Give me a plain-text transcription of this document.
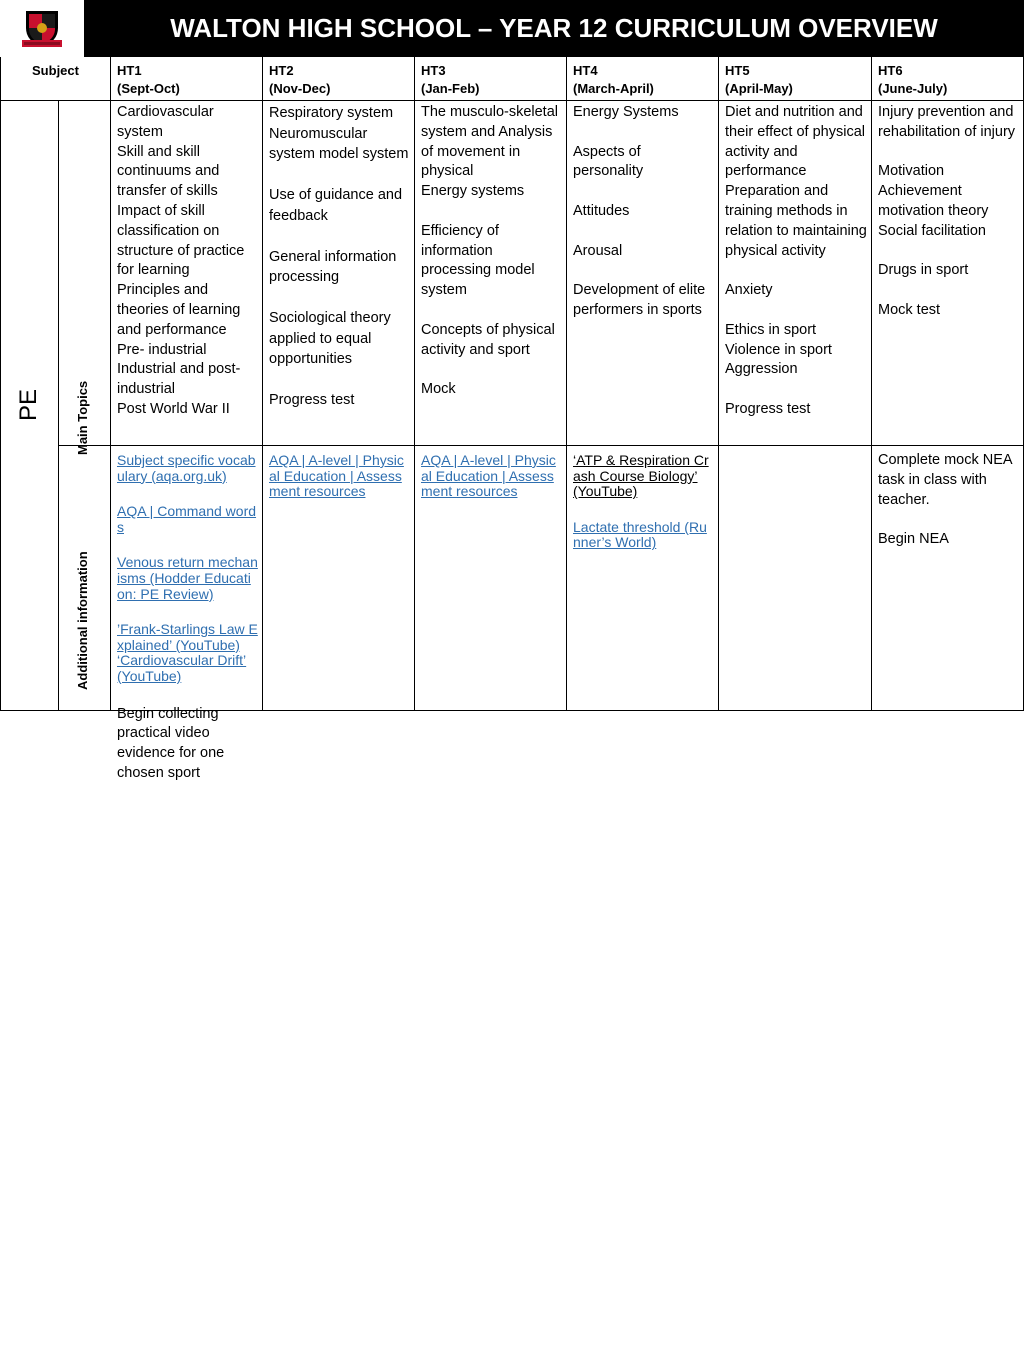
WALTON HIGH SCHOOL – YEAR 12 CURRICULUM OVERVIEW
Subject	HT1
(Sept-Oct)
HT2
(Nov-Dec)
HT3
(Jan-Feb)
HT4
(March-April)
HT5
(April-May)
HT6
(June-July)
PE	Main Topics
Additional information
Cardiovascular system
Skill and skill continuums and transfer of skills
Impact of skill classification on structure of practice for learning
Principles and theories of learning and performance
Pre- industrial
Industrial and post-industrial
Post World War II
Respiratory system
Neuromuscular system model system

Use of guidance and feedback

General information processing

Sociological theory applied to equal opportunities

Progress test
The musculo-skeletal system and Analysis of movement in physical
Energy systems

Efficiency of information processing model system

Concepts of physical activity and sport

Mock
Energy Systems

Aspects of personality

Attitudes

Arousal

Development of elite performers in sports
Diet and nutrition and their effect of physical activity and performance
Preparation and training methods in relation to maintaining physical activity

Anxiety

Ethics in sport
Violence in sport
Aggression

Progress test
Injury prevention and rehabilitation of injury

Motivation
Achievement motivation theory
Social facilitation

Drugs in sport

Mock test
Subject specific vocabulary (aqa.org.uk)
AQA | Command words
Venous return mechanisms (Hodder Education: PE Review)
’Frank-Starlings Law Explained’ (YouTube)
‘Cardiovascular Drift’ (YouTube)
Begin collecting practical video evidence for one chosen sport
AQA | A-level | Physical Education | Assessment resources
AQA | A-level | Physical Education | Assessment resources
‘ATP & Respiration Crash Course Biology’ (YouTube)
Lactate threshold (Runner’s World)
Complete mock NEA task in class with teacher.

Begin NEA
